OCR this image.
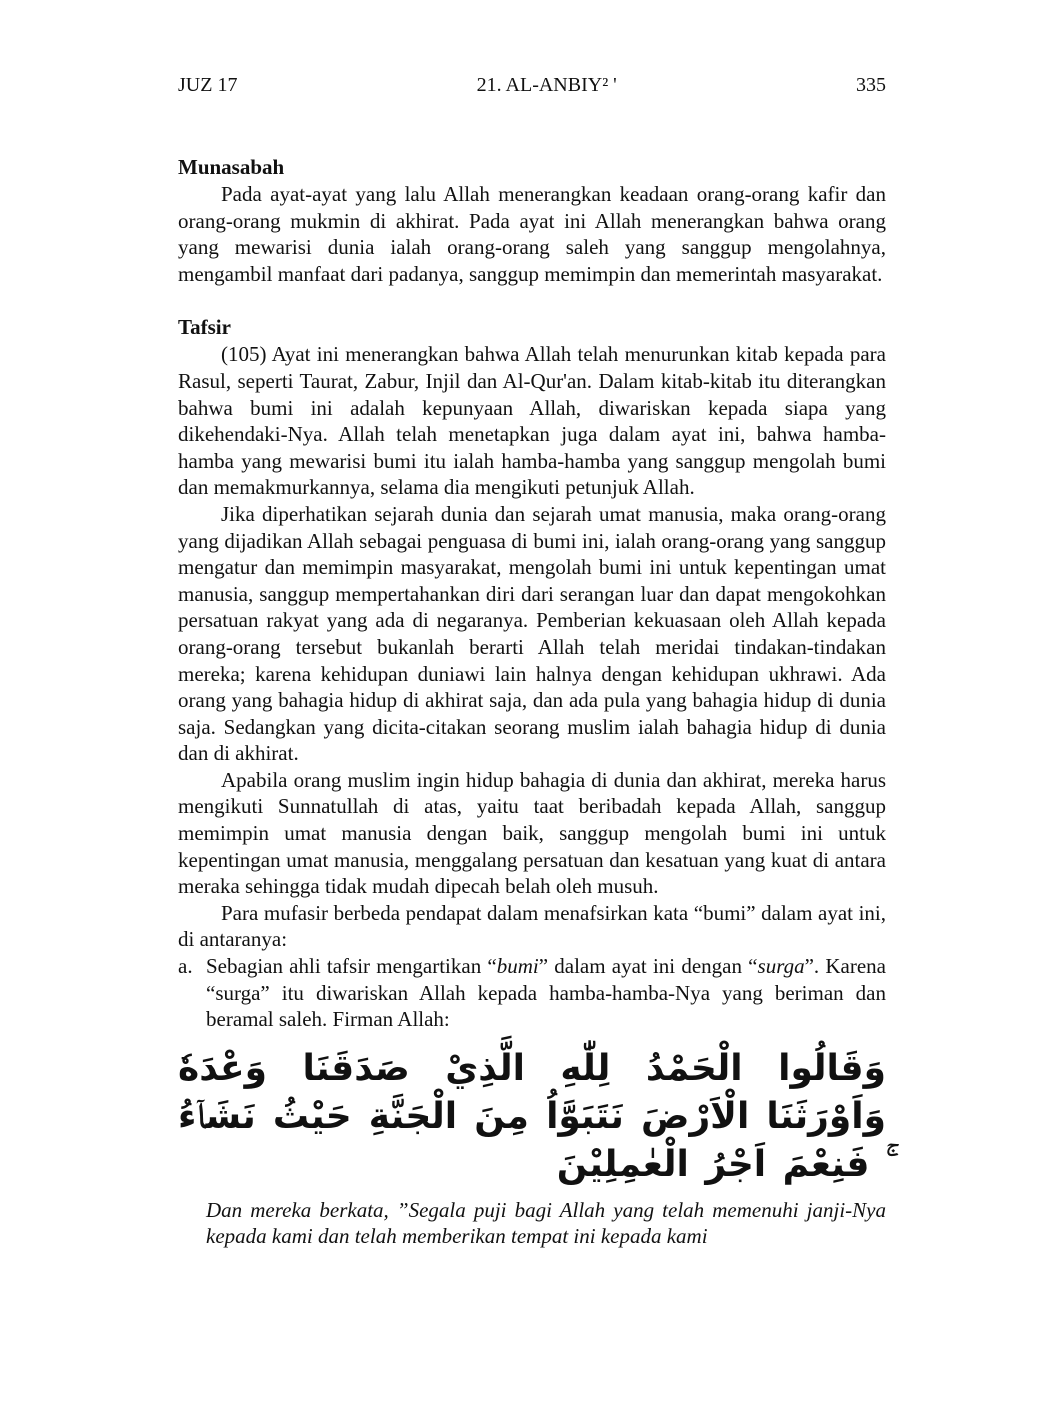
JUZ 17	21. AL-ANBIY² '	335
Munasabah

Pada ayat-ayat yang lalu Allah menerangkan keadaan orang-orang kafir dan orang-orang mukmin di akhirat. Pada ayat ini Allah menerangkan bahwa orang yang mewarisi dunia ialah orang-orang saleh yang sanggup mengolahnya, mengambil manfaat dari padanya, sanggup memimpin dan memerintah masyarakat.

Tafsir

(105) Ayat ini menerangkan bahwa Allah telah menurunkan kitab kepada para Rasul, seperti Taurat, Zabur, Injil dan Al-Qur'an. Dalam kitab-kitab itu diterangkan bahwa bumi ini adalah kepunyaan Allah, diwariskan kepada siapa yang dikehendaki-Nya. Allah telah menetapkan juga dalam ayat ini, bahwa hamba-hamba yang mewarisi bumi itu ialah hamba-hamba yang sanggup mengolah bumi dan memakmurkannya, selama dia mengikuti petunjuk Allah.

Jika diperhatikan sejarah dunia dan sejarah umat manusia, maka orang-orang yang dijadikan Allah sebagai penguasa di bumi ini, ialah orang-orang yang sanggup mengatur dan memimpin masyarakat, mengolah bumi ini untuk kepentingan umat manusia, sanggup mempertahankan diri dari serangan luar dan dapat mengokohkan persatuan rakyat yang ada di negaranya. Pemberian kekuasaan oleh Allah kepada orang-orang tersebut bukanlah berarti Allah telah meridai tindakan-tindakan mereka; karena kehidupan duniawi lain halnya dengan kehidupan ukhrawi. Ada orang yang bahagia hidup di akhirat saja, dan ada pula yang bahagia hidup di dunia saja. Sedangkan yang dicita-citakan seorang muslim ialah bahagia hidup di dunia dan di akhirat.

Apabila orang muslim ingin hidup bahagia di dunia dan akhirat, mereka harus mengikuti Sunnatullah di atas, yaitu taat beribadah kepada Allah, sanggup memimpin umat manusia dengan baik, sanggup mengolah bumi ini untuk kepentingan umat manusia, menggalang persatuan dan kesatuan yang kuat di antara meraka sehingga tidak mudah dipecah belah oleh musuh.

Para mufasir berbeda pendapat dalam menafsirkan kata “bumi” dalam ayat ini, di antaranya:

a. Sebagian ahli tafsir mengartikan “bumi” dalam ayat ini dengan “surga”. Karena “surga” itu diwariskan Allah kepada hamba-hamba-Nya yang beriman dan beramal saleh. Firman Allah:
وَقَالُوا الْحَمْدُ لِلّٰهِ الَّذِيْ صَدَقَنَا وَعْدَهٗ وَاَوْرَثَنَا الْاَرْضَ نَتَبَوَّاُ مِنَ الْجَنَّةِ حَيْثُ نَشَاۤءُ ۚ فَنِعْمَ اَجْرُ الْعٰمِلِيْنَ
Dan mereka berkata, ”Segala puji bagi Allah yang telah memenuhi janji-Nya kepada kami dan telah memberikan tempat ini kepada kami
